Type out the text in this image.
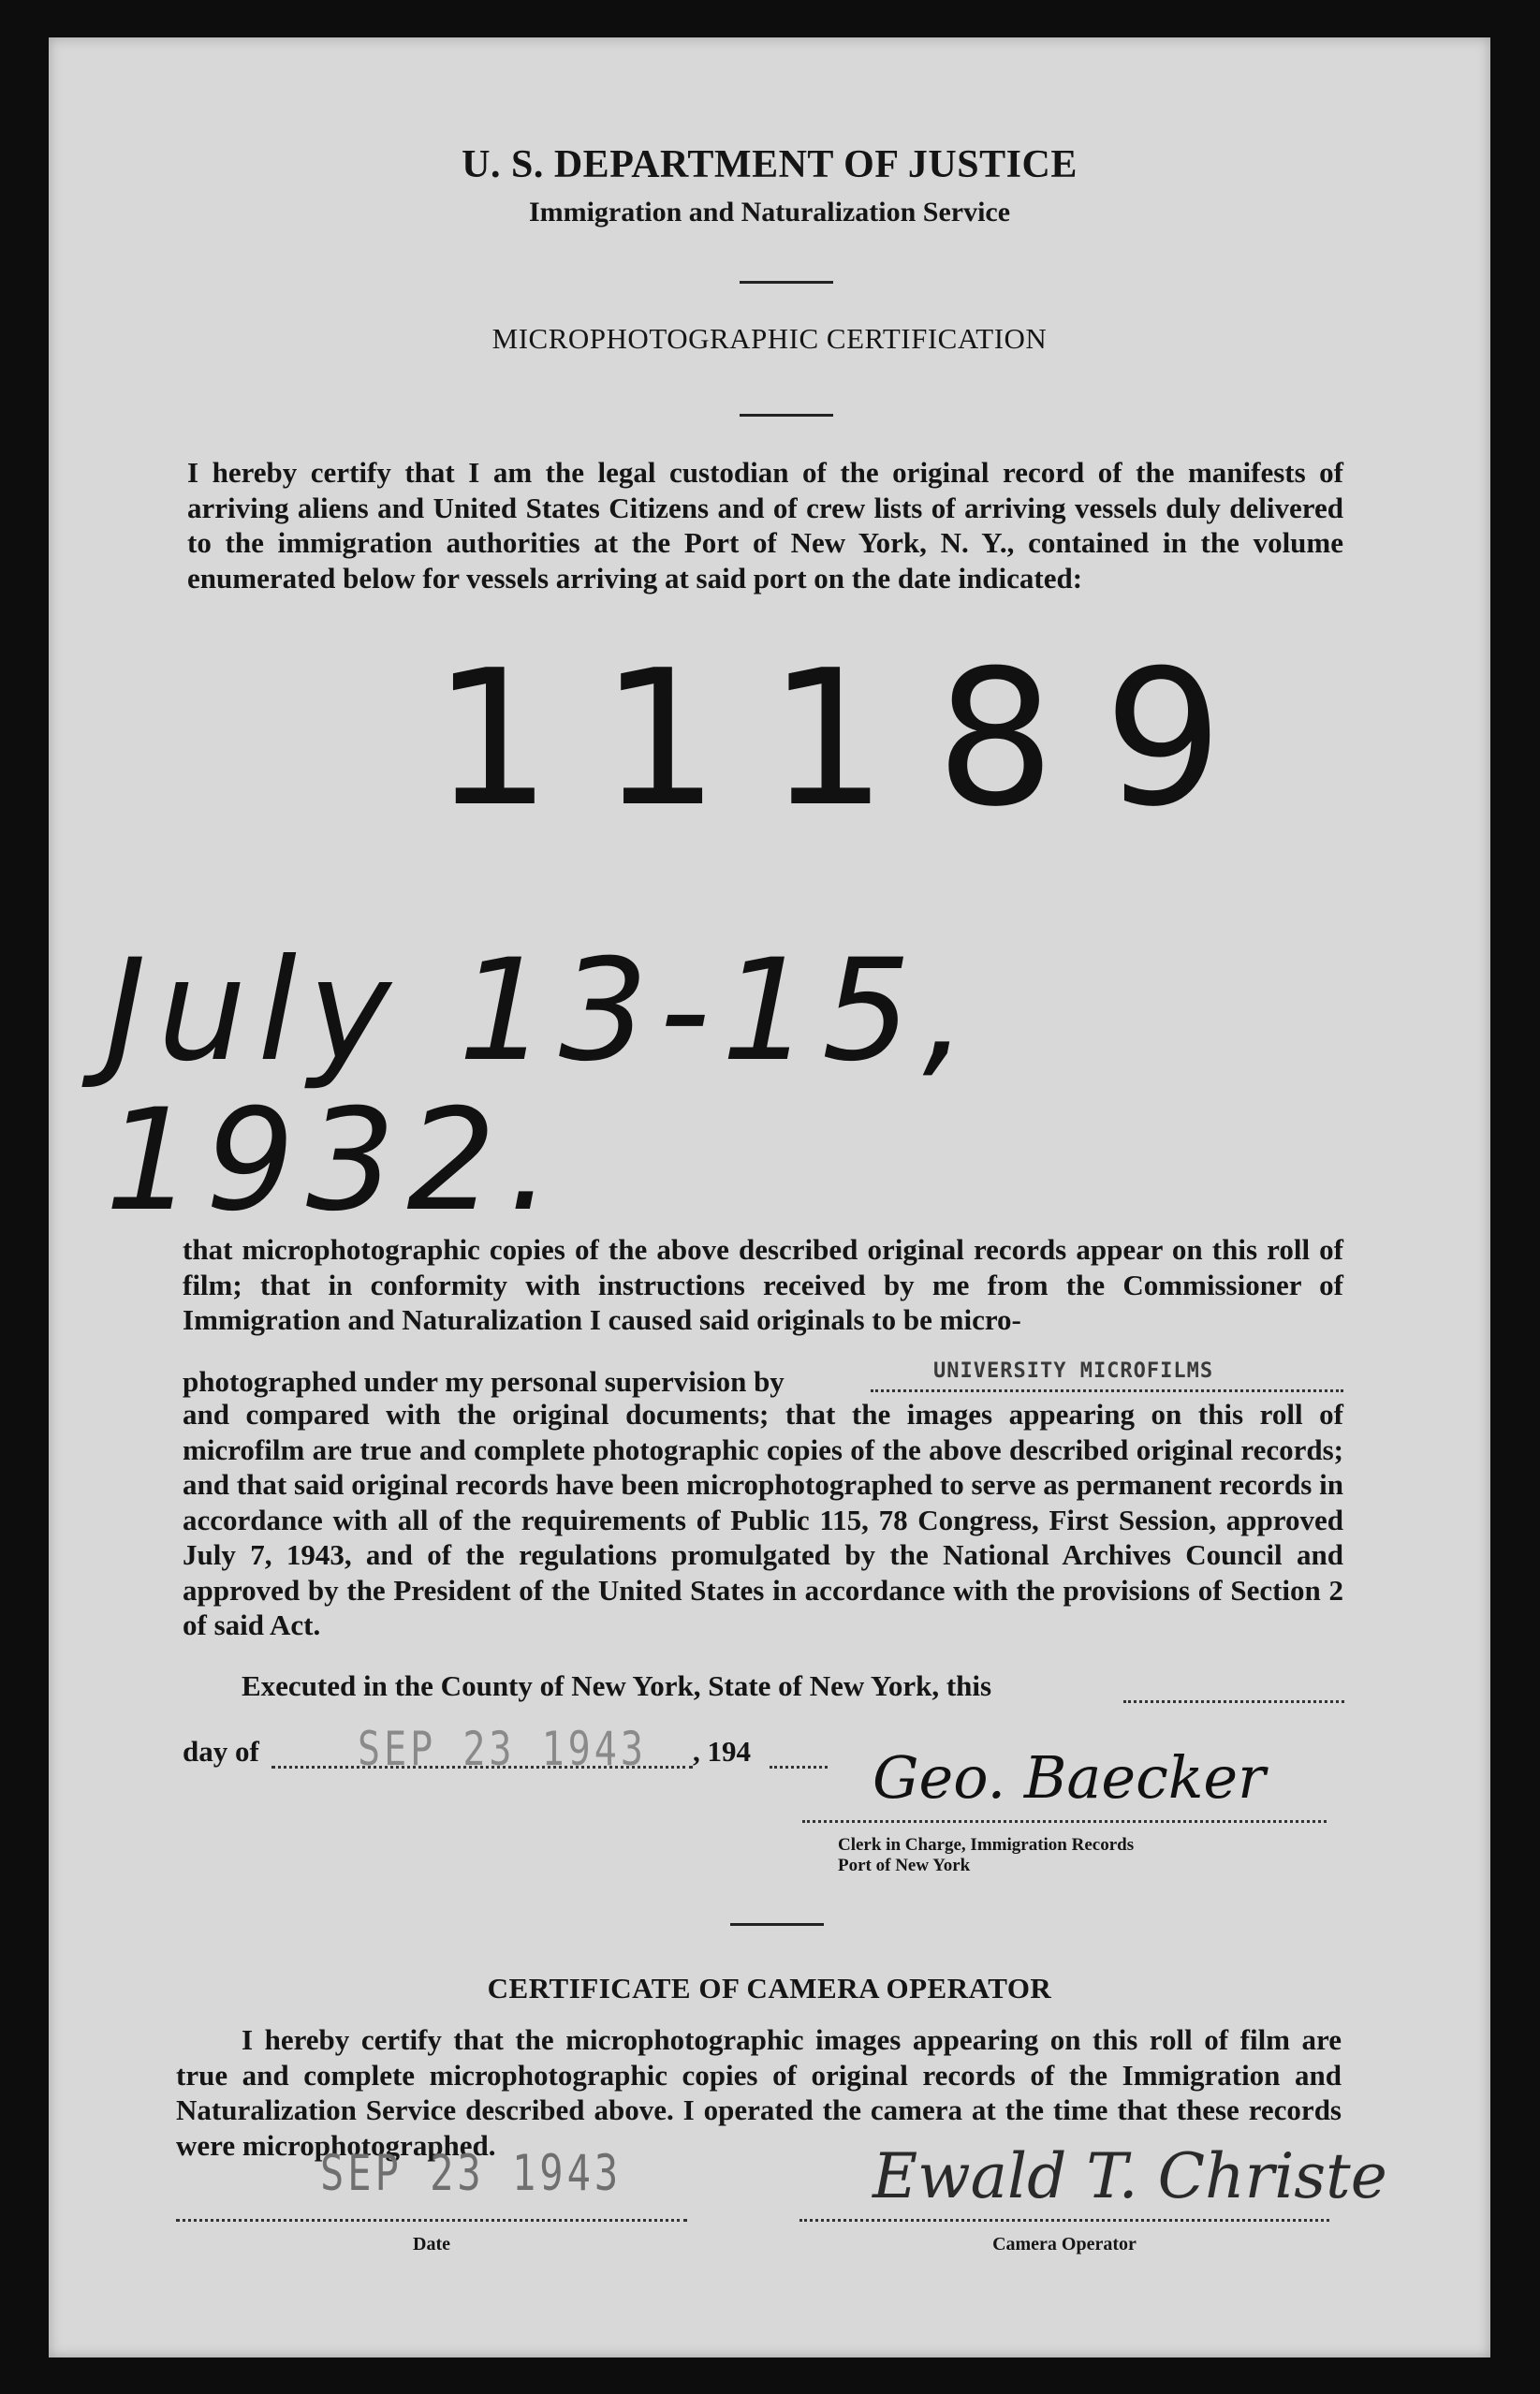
U. S. DEPARTMENT OF JUSTICE
Immigration and Naturalization Service
MICROPHOTOGRAPHIC CERTIFICATION
I hereby certify that I am the legal custodian of the original record of the manifests of arriving aliens and United States Citizens and of crew lists of arriving vessels duly delivered to the immigration authorities at the Port of New York, N. Y., contained in the volume enumerated below for vessels arriving at said port on the date indicated:
11189
July 13-15, 1932.
that microphotographic copies of the above described original records appear on this roll of film; that in conformity with instructions received by me from the Commissioner of Immigration and Naturalization I caused said originals to be micro-
photographed under my personal supervision by	UNIVERSITY MICROFILMS
and compared with the original documents; that the images appearing on this roll of microfilm are true and complete photographic copies of the above described original records; and that said original records have been microphotographed to serve as permanent records in accordance with all of the requirements of Public 115, 78 Congress, First Session, approved July 7, 1943, and of the regulations promulgated by the National Archives Council and approved by the President of the United States in accordance with the provisions of Section 2 of said Act.
Executed in the County of New York, State of New York, this
day of	SEP 23 1943 , 194 Geo. Baecker
Clerk in Charge, Immigration Records
Port of New York
CERTIFICATE OF CAMERA OPERATOR
I hereby certify that the microphotographic images appearing on this roll of film are true and complete microphotographic copies of original records of the Immigration and Naturalization Service described above. I operated the camera at the time that these records were microphotographed.
SEP 23 1943
Date
Ewald T. Christe
Camera Operator
